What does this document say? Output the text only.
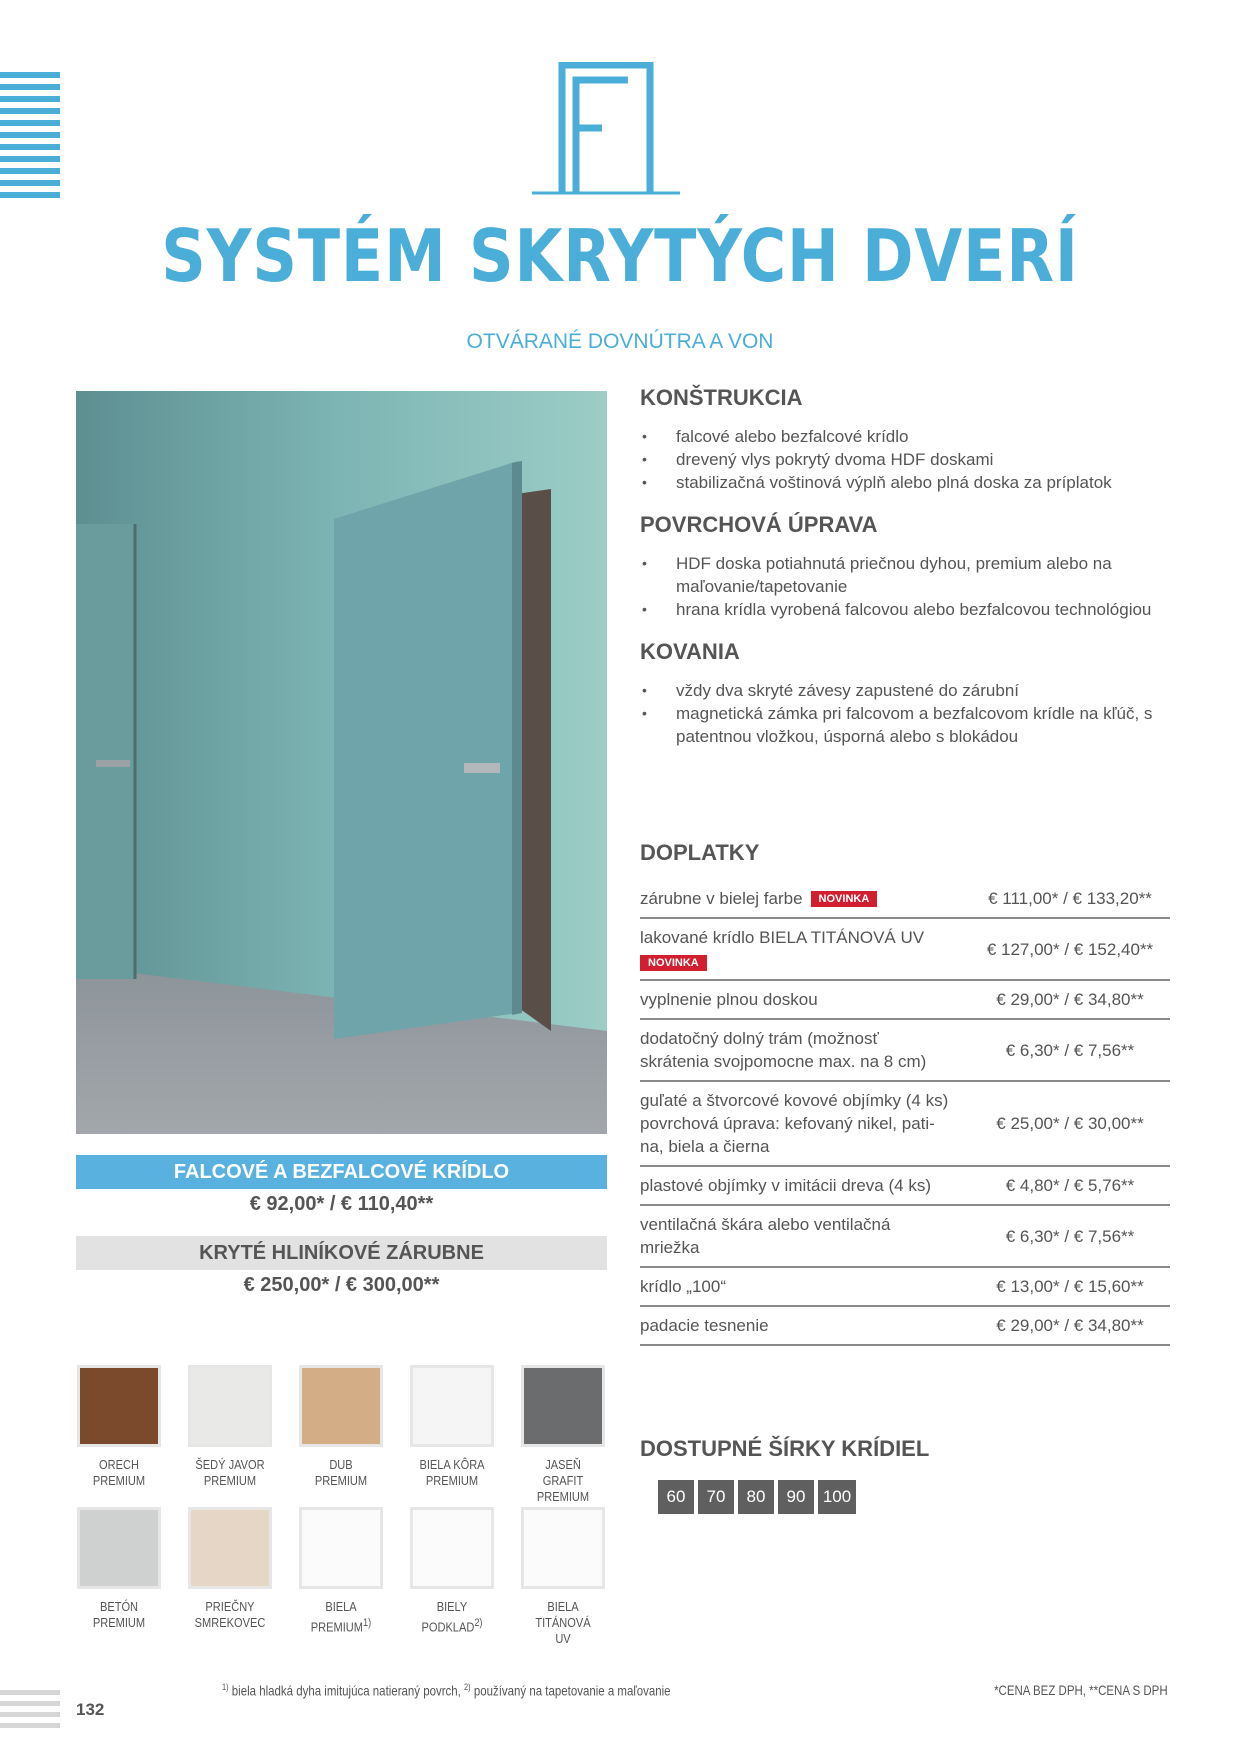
SYSTÉM SKRYTÝCH DVERÍ
OTVÁRANÉ DOVNÚTRA A VON
FALCOVÉ A BEZFALCOVÉ KRÍDLO
€ 92,00* / € 110,40**
KRYTÉ HLINÍKOVÉ ZÁRUBNE
€ 250,00* / € 300,00**
ORECH
PREMIUM
ŠEDÝ JAVOR
PREMIUM
DUB
PREMIUM
BIELA KÔRA
PREMIUM
JASEŇ GRAFIT
PREMIUM
BETÓN
PREMIUM
PRIEČNY
SMREKOVEC
BIELA
PREMIUM$^{1)}$
BIELY PODKLAD$^{2)}$
BIELA
TITÁNOVÁ UV
KONŠTRUKCIA
• falcové alebo bezfalcové krídlo
• drevený vlys pokrytý dvoma HDF doskami
• stabilizačná voštinová výplň alebo plná doska za príplatok
POVRCHOVÁ ÚPRAVA
• HDF doska potiahnutá priečnou dyhou, premium alebo na maľovanie/tapetovanie
• hrana krídla vyrobená falcovou alebo bezfalcovou technológiou
KOVANIA
• vždy dva skryté závesy zapustené do zárubní
• magnetická zámka pri falcovom a bezfalcovom krídle na kľúč, s patentnou vložkou, úsporná alebo s blokádou
DOPLATKY
zárubne v bielej farbe NOVINKA	€ 111,00* / € 133,20**
lakované krídlo BIELA TITÁNOVÁ UV
NOVINKA	€ 127,00* / € 152,40**
vyplnenie plnou doskou	€ 29,00* / € 34,80**
dodatočný dolný trám (možnosť skrátenia svojpomocne max. na 8 cm)	€ 6,30* / € 7,56**
guľaté a štvorcové kovové objímky (4 ks) povrchová úprava: kefovaný nikel, pati-na, biela a čierna	€ 25,00* / € 30,00**
plastové objímky v imitácii dreva (4 ks)	€ 4,80* / € 5,76**
ventilačná škára alebo ventilačná mriežka	€ 6,30* / € 7,56**
krídlo „100“	€ 13,00* / € 15,60**
padacie tesnenie	€ 29,00* / € 34,80**
DOSTUPNÉ ŠÍRKY KRÍDIEL
60	70	80	90	100
132
$^{1)}$ biela hladká dyha imitujúca natieraný povrch, $^{2)}$ používaný na tapetovanie a maľovanie	*CENA BEZ DPH, **CENA S DPH
